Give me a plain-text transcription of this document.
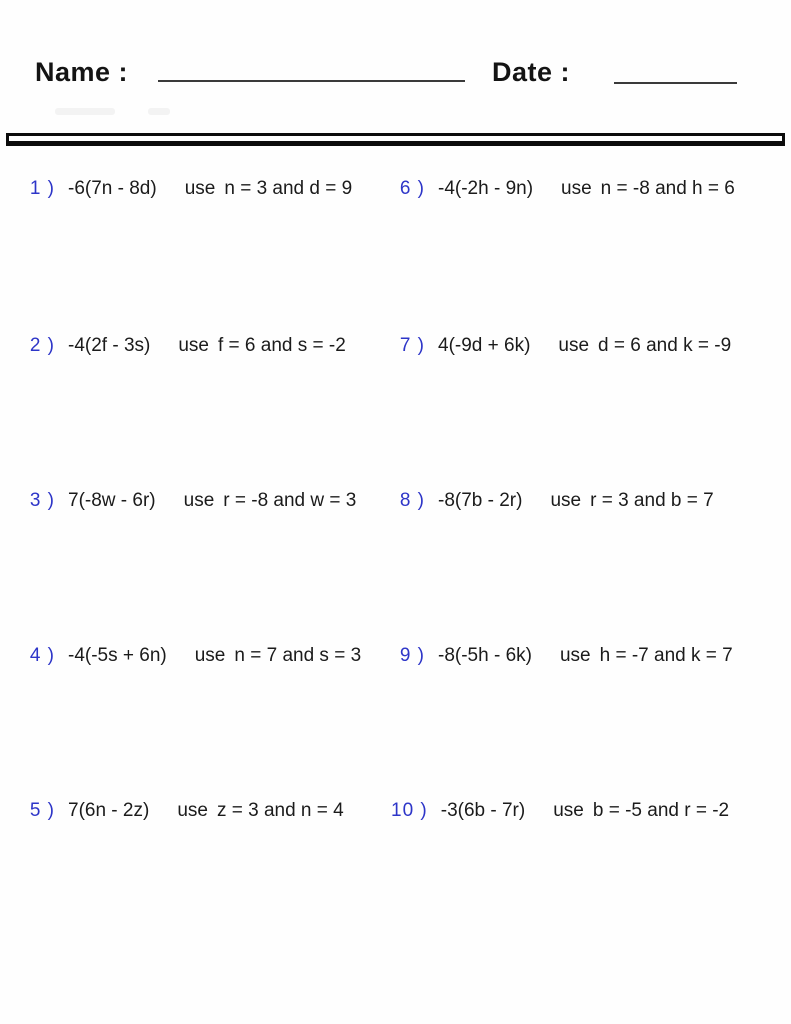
Name :	Date :
1 ) -6(7n - 8d) use n = 3 and d = 9
2 ) -4(2f - 3s) use f = 6 and s = -2
3 ) 7(-8w - 6r) use r = -8 and w = 3
4 ) -4(-5s + 6n) use n = 7 and s = 3
5 ) 7(6n - 2z) use z = 3 and n = 4
6 ) -4(-2h - 9n) use n = -8 and h = 6
7 ) 4(-9d + 6k) use d = 6 and k = -9
8 ) -8(7b - 2r) use r = 3 and b = 7
9 ) -8(-5h - 6k) use h = -7 and k = 7
10 ) -3(6b - 7r) use b = -5 and r = -2
